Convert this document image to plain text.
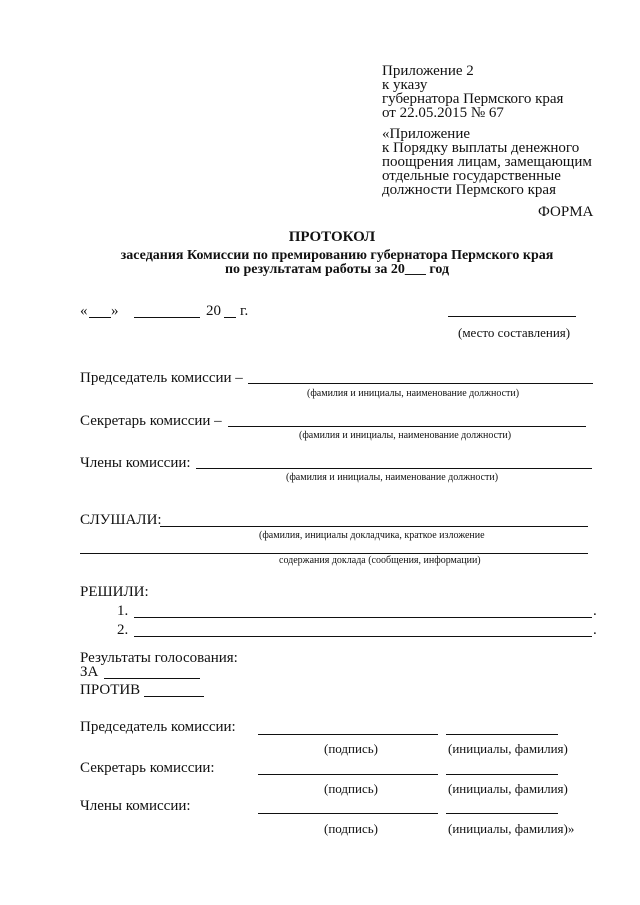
Приложение 2
к указу
губернатора Пермского края
от 22.05.2015 № 67
«Приложение
к Порядку выплаты денежного
поощрения лицам, замещающим
отдельные государственные
должности Пермского края
ФОРМА
ПРОТОКОЛ
заседания Комиссии по премированию губернатора Пермского края
по результатам работы за 20___ год
« »	20 г.
(место составления)
Председатель комиссии –
(фамилия и инициалы, наименование должности)
Секретарь комиссии –
(фамилия и инициалы, наименование должности)
Члены комиссии:
(фамилия и инициалы, наименование должности)
СЛУШАЛИ:
(фамилия, инициалы докладчика, краткое изложение
содержания доклада (сообщения, информации)
РЕШИЛИ:
1.	.
2.	.
Результаты голосования:
ЗА
ПРОТИВ
Председатель комиссии:
(подпись)	(инициалы, фамилия)
Секретарь комиссии:
(подпись)	(инициалы, фамилия)
Члены комиссии:
(подпись)	(инициалы, фамилия)»
